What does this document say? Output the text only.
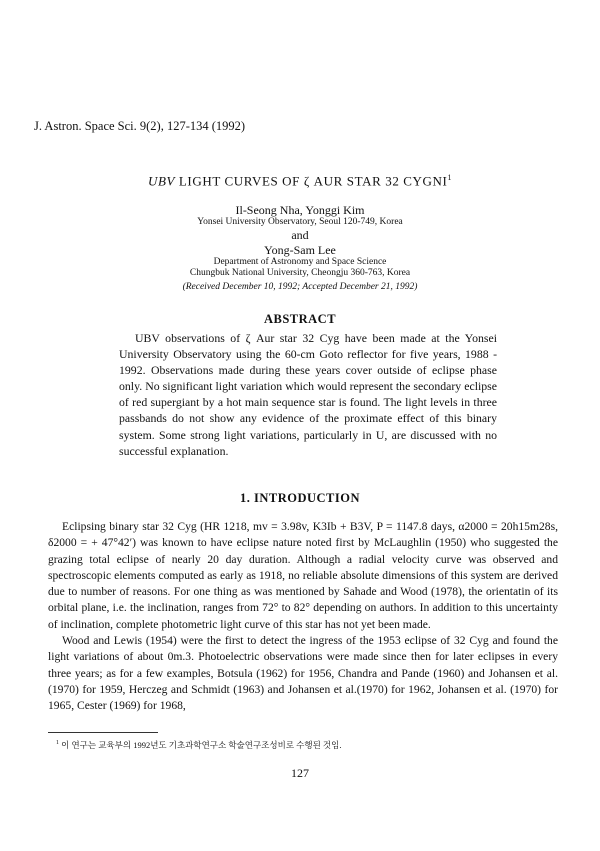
J. Astron. Space Sci. 9(2), 127-134 (1992)
UBV LIGHT CURVES OF ζ AUR STAR 32 CYGNI$^1$
Il-Seong Nha, Yonggi Kim
Yonsei University Observatory, Seoul 120-749, Korea
and
Yong-Sam Lee
Department of Astronomy and Space Science
Chungbuk National University, Cheongju 360-763, Korea
(Received December 10, 1992; Accepted December 21, 1992)
ABSTRACT

UBV observations of ζ Aur star 32 Cyg have been made at the Yonsei University Observatory using the 60-cm Goto reflector for five years, 1988 - 1992. Observations made during these years cover outside of eclipse phase only. No significant light variation which would represent the secondary eclipse of red supergiant by a hot main sequence star is found. The light levels in three passbands do not show any evidence of the proximate effect of this binary system. Some strong light variations, particularly in U, are discussed with no successful explanation.

1. INTRODUCTION

Eclipsing binary star 32 Cyg (HR 1218, mv = 3.98v, K3Ib + B3V, P = 1147.8 days, α2000 = 20h15m28s, δ2000 = + 47°42′) was known to have eclipse nature noted first by McLaughlin (1950) who suggested the grazing total eclipse of nearly 20 day duration. Although a radial velocity curve was observed and spectroscopic elements computed as early as 1918, no reliable absolute dimensions of this system are derived due to number of reasons. For one thing as was mentioned by Sahade and Wood (1978), the orientatin of its orbital plane, i.e. the inclination, ranges from 72° to 82° depending on authors. In addition to this uncertainty of inclination, complete photometric light curve of this star has not yet been made.

Wood and Lewis (1954) were the first to detect the ingress of the 1953 eclipse of 32 Cyg and found the light variations of about 0m.3. Photoelectric observations were made since then for later eclipses in every three years; as for a few examples, Botsula (1962) for 1956, Chandra and Pande (1960) and Johansen et al. (1970) for 1959, Herczeg and Schmidt (1963) and Johansen et al.(1970) for 1962, Johansen et al. (1970) for 1965, Cester (1969) for 1968,

$^1$ 이 연구는 교육부의 1992년도 기초과학연구소 학술연구조성비로 수행된 것임.
127
